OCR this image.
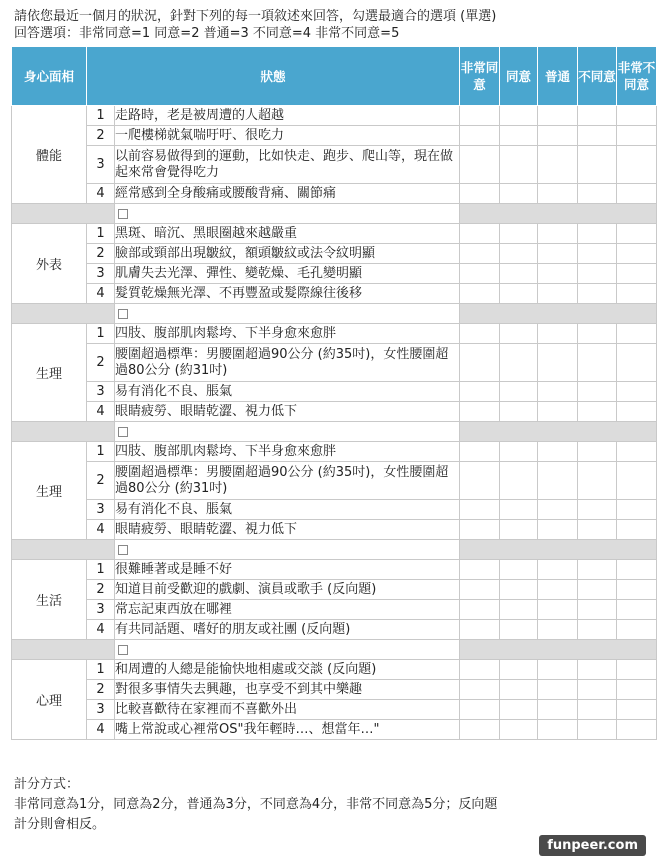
請依您最近一個月的狀況，針對下列的每一項敘述來回答，勾選最適合的選項 (單選)
回答選項：非常同意=1 同意=2 普通=3 不同意=4 非常不同意=5
身心面相	狀態		非常同意	同意	普通	不同意	非常不同意
體能	1	走路時，老是被周遭的人超越					
	2	一爬樓梯就氣喘吁吁、很吃力					
	3	以前容易做得到的運動，比如快走、跑步、爬山等，現在做起來常會覺得吃力					
	4	經常感到全身酸痛或腰酸背痛、關節痛					

外表	1	黑斑、暗沉、黑眼圈越來越嚴重					
	2	臉部或頸部出現皺紋，額頭皺紋或法令紋明顯					
	3	肌膚失去光澤、彈性、變乾燥、毛孔變明顯					
	4	髮質乾燥無光澤、不再豐盈或髮際線往後移					

生理	1	四肢、腹部肌肉鬆垮、下半身愈來愈胖					
	2	腰圍超過標準：男腰圍超過90公分 (約35吋)，女性腰圍超過80公分 (約31吋)					
	3	易有消化不良、脹氣					
	4	眼睛疲勞、眼睛乾澀、視力低下					

生理	1	四肢、腹部肌肉鬆垮、下半身愈來愈胖					
	2	腰圍超過標準：男腰圍超過90公分 (約35吋)，女性腰圍超過80公分 (約31吋)					
	3	易有消化不良、脹氣					
	4	眼睛疲勞、眼睛乾澀、視力低下					

生活	1	很難睡著或是睡不好					
	2	知道目前受歡迎的戲劇、演員或歌手 (反向題)					
	3	常忘記東西放在哪裡					
	4	有共同話題、嗜好的朋友或社團 (反向題)					

心理	1	和周遭的人總是能愉快地相處或交談 (反向題)					
	2	對很多事情失去興趣，也享受不到其中樂趣					
	3	比較喜歡待在家裡而不喜歡外出					
	4	嘴上常說或心裡常OS"我年輕時…、想當年…"					
計分方式：
非常同意為1分，同意為2分，普通為3分，不同意為4分，非常不同意為5分；反向題
計分則會相反。
funpeer.com
